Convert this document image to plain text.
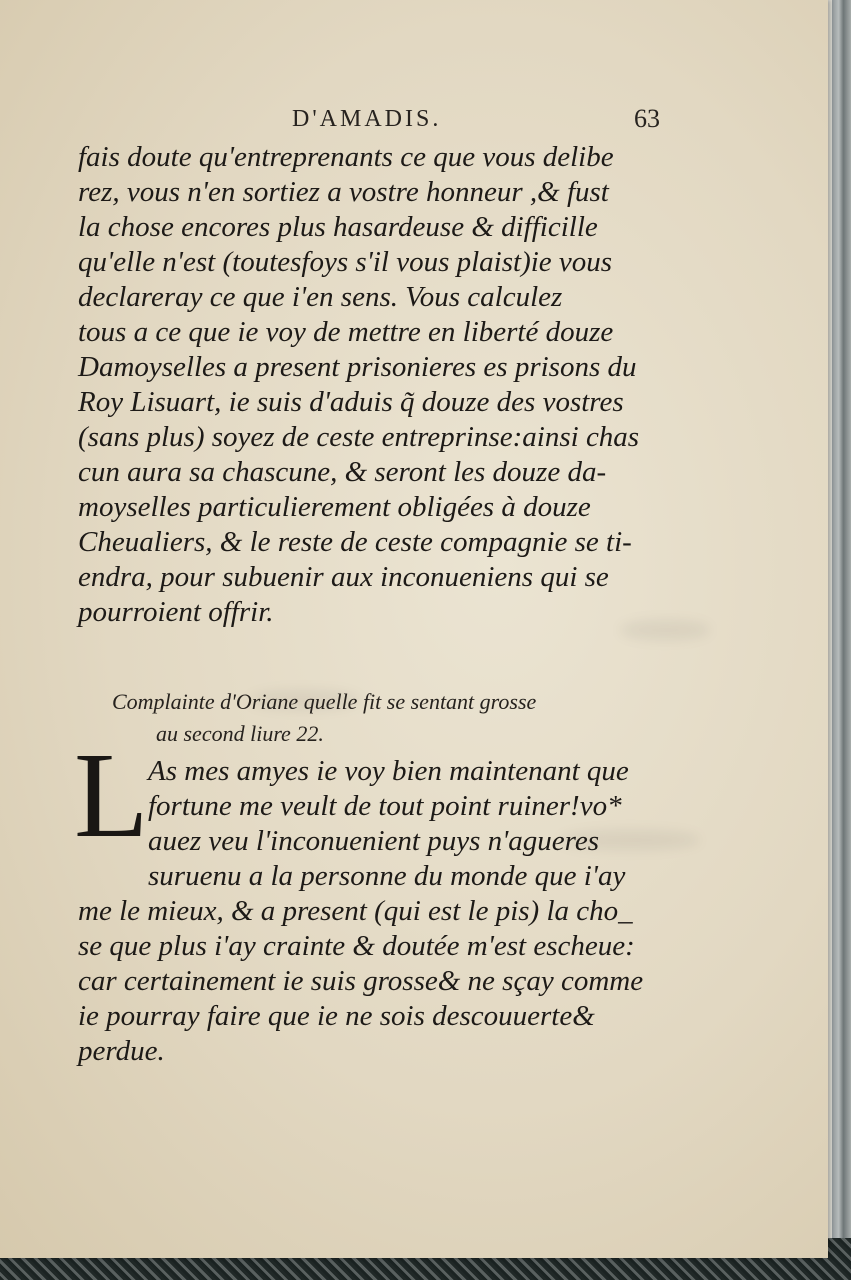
D'AMADIS.	63
fais doute qu'entreprenants ce que vous delibe
rez, vous n'en sortiez a vostre honneur ,& fust
la chose encores plus hasardeuse & difficille
qu'elle n'est (toutesfoys s'il vous plaist)ie vous
declareray ce que i'en sens. Vous calculez
tous a ce que ie voy de mettre en liberté douze
Damoyselles a present prisonieres es prisons du
Roy Lisuart, ie suis d'aduis q̃ douze des vostres
(sans plus) soyez de ceste entreprinse:ainsi chas
cun aura sa chascune, & seront les douze da-
moyselles particulierement obligées à douze
Cheualiers, & le reste de ceste compagnie se ti-
endra, pour subuenir aux inconueniens qui se
pourroient offrir.
Complainte d'Oriane quelle fit se sentant grosse
au second liure 22.
As mes amyes ie voy bien maintenant que
fortune me veult de tout point ruiner!vo*
auez veu l'inconuenient puys n'agueres
suruenu a la personne du monde que i'ay
me le mieux, & a present (qui est le pis) la cho_
se que plus i'ay crainte & doutée m'est escheue:
car certainement ie suis grosse& ne sçay comme
ie pourray faire que ie ne sois descouuerte&
perdue.
L
